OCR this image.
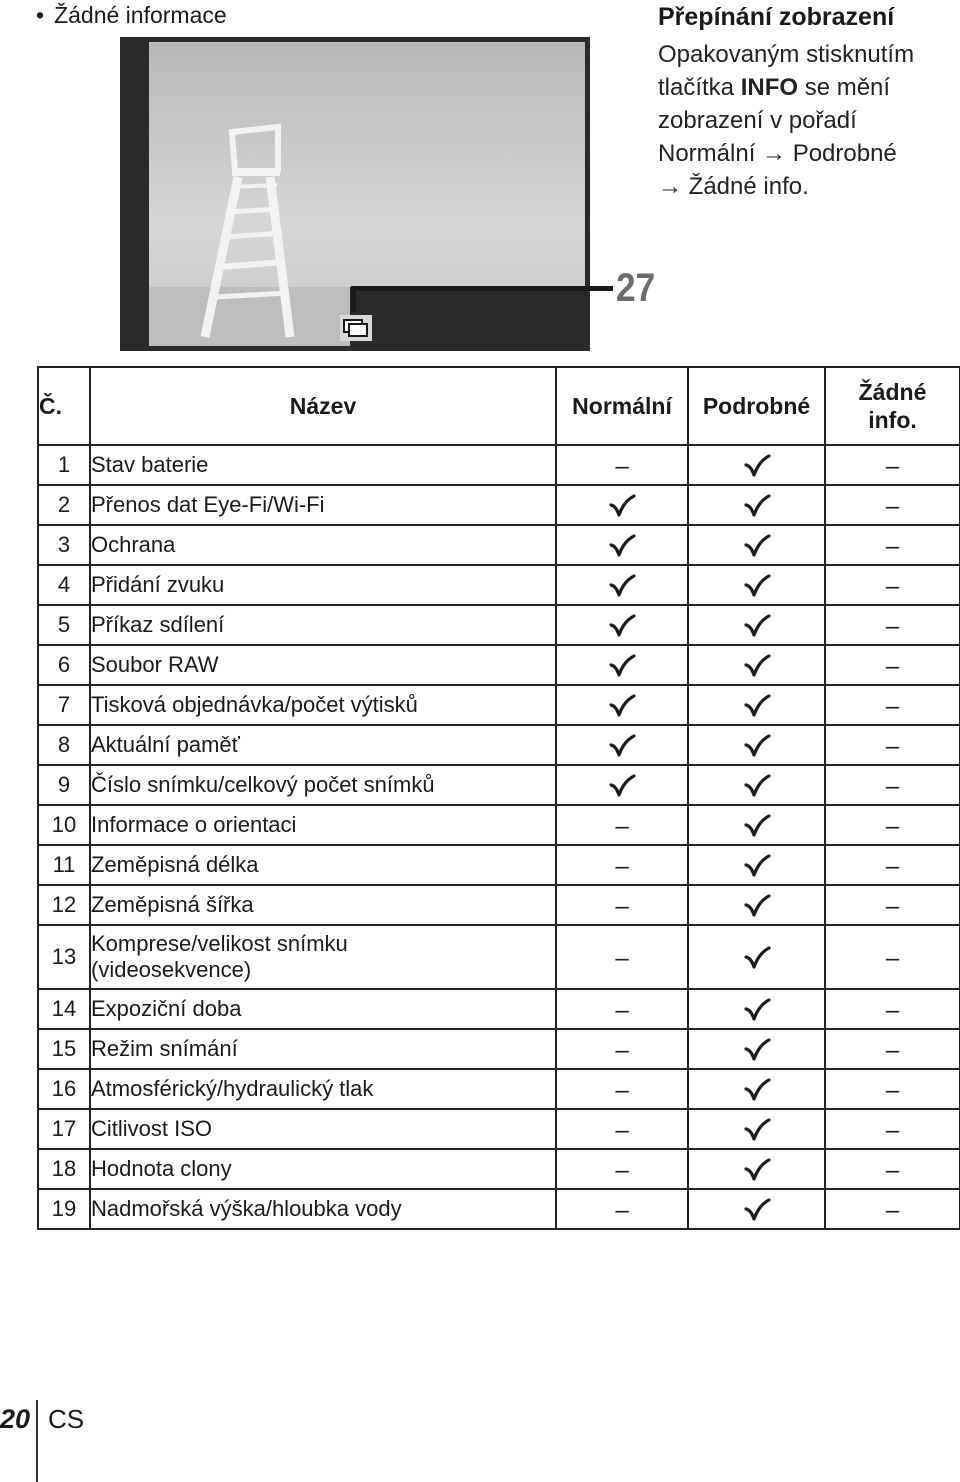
• Žádné informace
27

Přepínání zobrazení

Opakovaným stisknutím
tlačítka INFO se mění
zobrazení v pořadí
Normální → Podrobné
→ Žádné info.

Č.	Název	Normální	Podrobné	Žádné
info.
1	Stav baterie	–		–
2	Přenos dat Eye-Fi/Wi-Fi			–
3	Ochrana			–
4	Přidání zvuku			–
5	Příkaz sdílení			–
6	Soubor RAW			–
7	Tisková objednávka/počet výtisků			–
8	Aktuální paměť			–
9	Číslo snímku/celkový počet snímků			–
10	Informace o orientaci	–		–
11	Zeměpisná délka	–		–
12	Zeměpisná šířka	–		–
13	Komprese/velikost snímku
(videosekvence)	–		–
14	Expoziční doba	–		–
15	Režim snímání	–		–
16	Atmosférický/hydraulický tlak	–		–
17	Citlivost ISO	–		–
18	Hodnota clony	–		–
19	Nadmořská výška/hloubka vody	–		–
20 CS
